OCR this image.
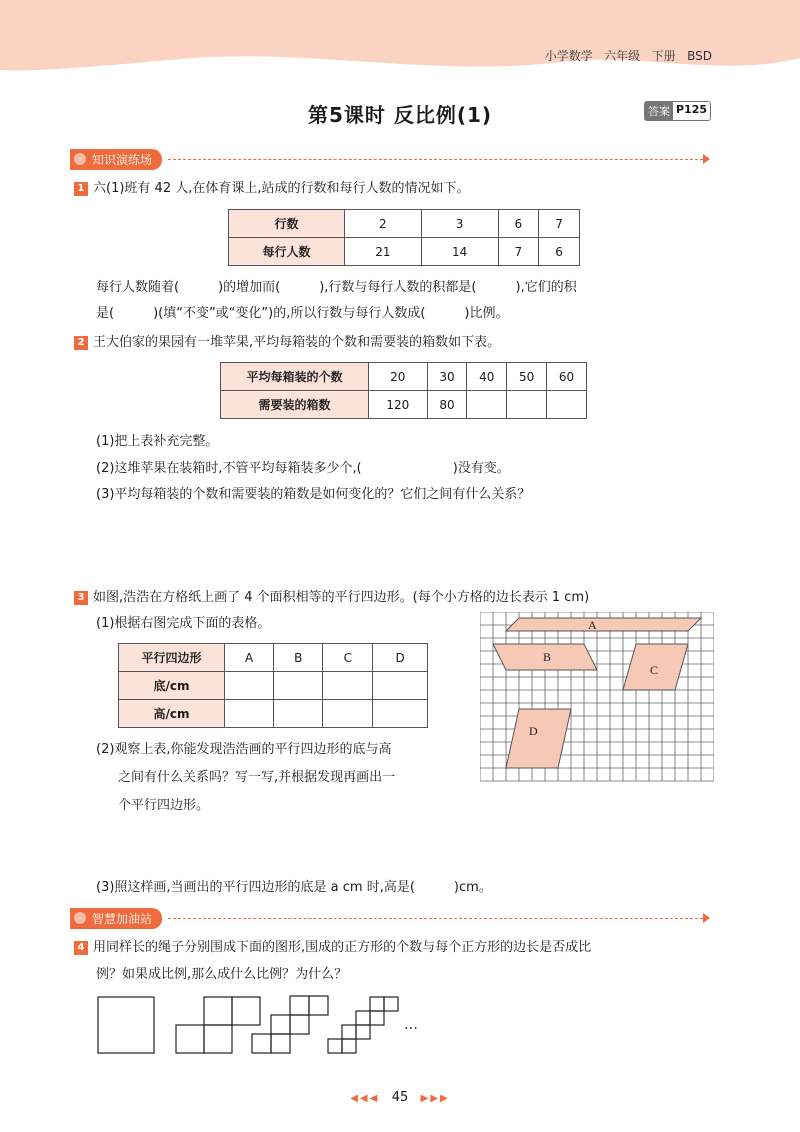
小学数学 六年级 下册 BSD
第5课时 反比例(1)	答案 P125
知识演练场
1 六(1)班有 42 人,在体育课上,站成的行数和每行人数的情况如下。
行数	2	3	6	7
每行人数	21	14	7	6
每行人数随着(　　　)的增加而(　　　),行数与每行人数的积都是(　　　),它们的积
是(　　　)(填“不变”或“变化”)的,所以行数与每行人数成(　　　)比例。
2 王大伯家的果园有一堆苹果,平均每箱装的个数和需要装的箱数如下表。
平均每箱装的个数	20	30	40	50	60
需要装的箱数	120	80			
(1)把上表补充完整。
(2)这堆苹果在装箱时,不管平均每箱装多少个,(　　　　　　　)没有变。
(3)平均每箱装的个数和需要装的箱数是如何变化的？它们之间有什么关系？
3 如图,浩浩在方格纸上画了 4 个面积相等的平行四边形。(每个小方格的边长表示 1 cm)
(1)根据右图完成下面的表格。
平行四边形	A	B	C	D
底/cm				
高/cm				
(2)观察上表,你能发现浩浩画的平行四边形的底与高
之间有什么关系吗？写一写,并根据发现再画出一
个平行四边形。
A
B
C
D
(3)照这样画,当画出的平行四边形的底是 a cm 时,高是(　　　)cm。
智慧加油站
4 用同样长的绳子分别围成下面的图形,围成的正方形的个数与每个正方形的边长是否成比
例？如果成比例,那么成什么比例？为什么？
…
◀◀◀ 45 ▶▶▶
